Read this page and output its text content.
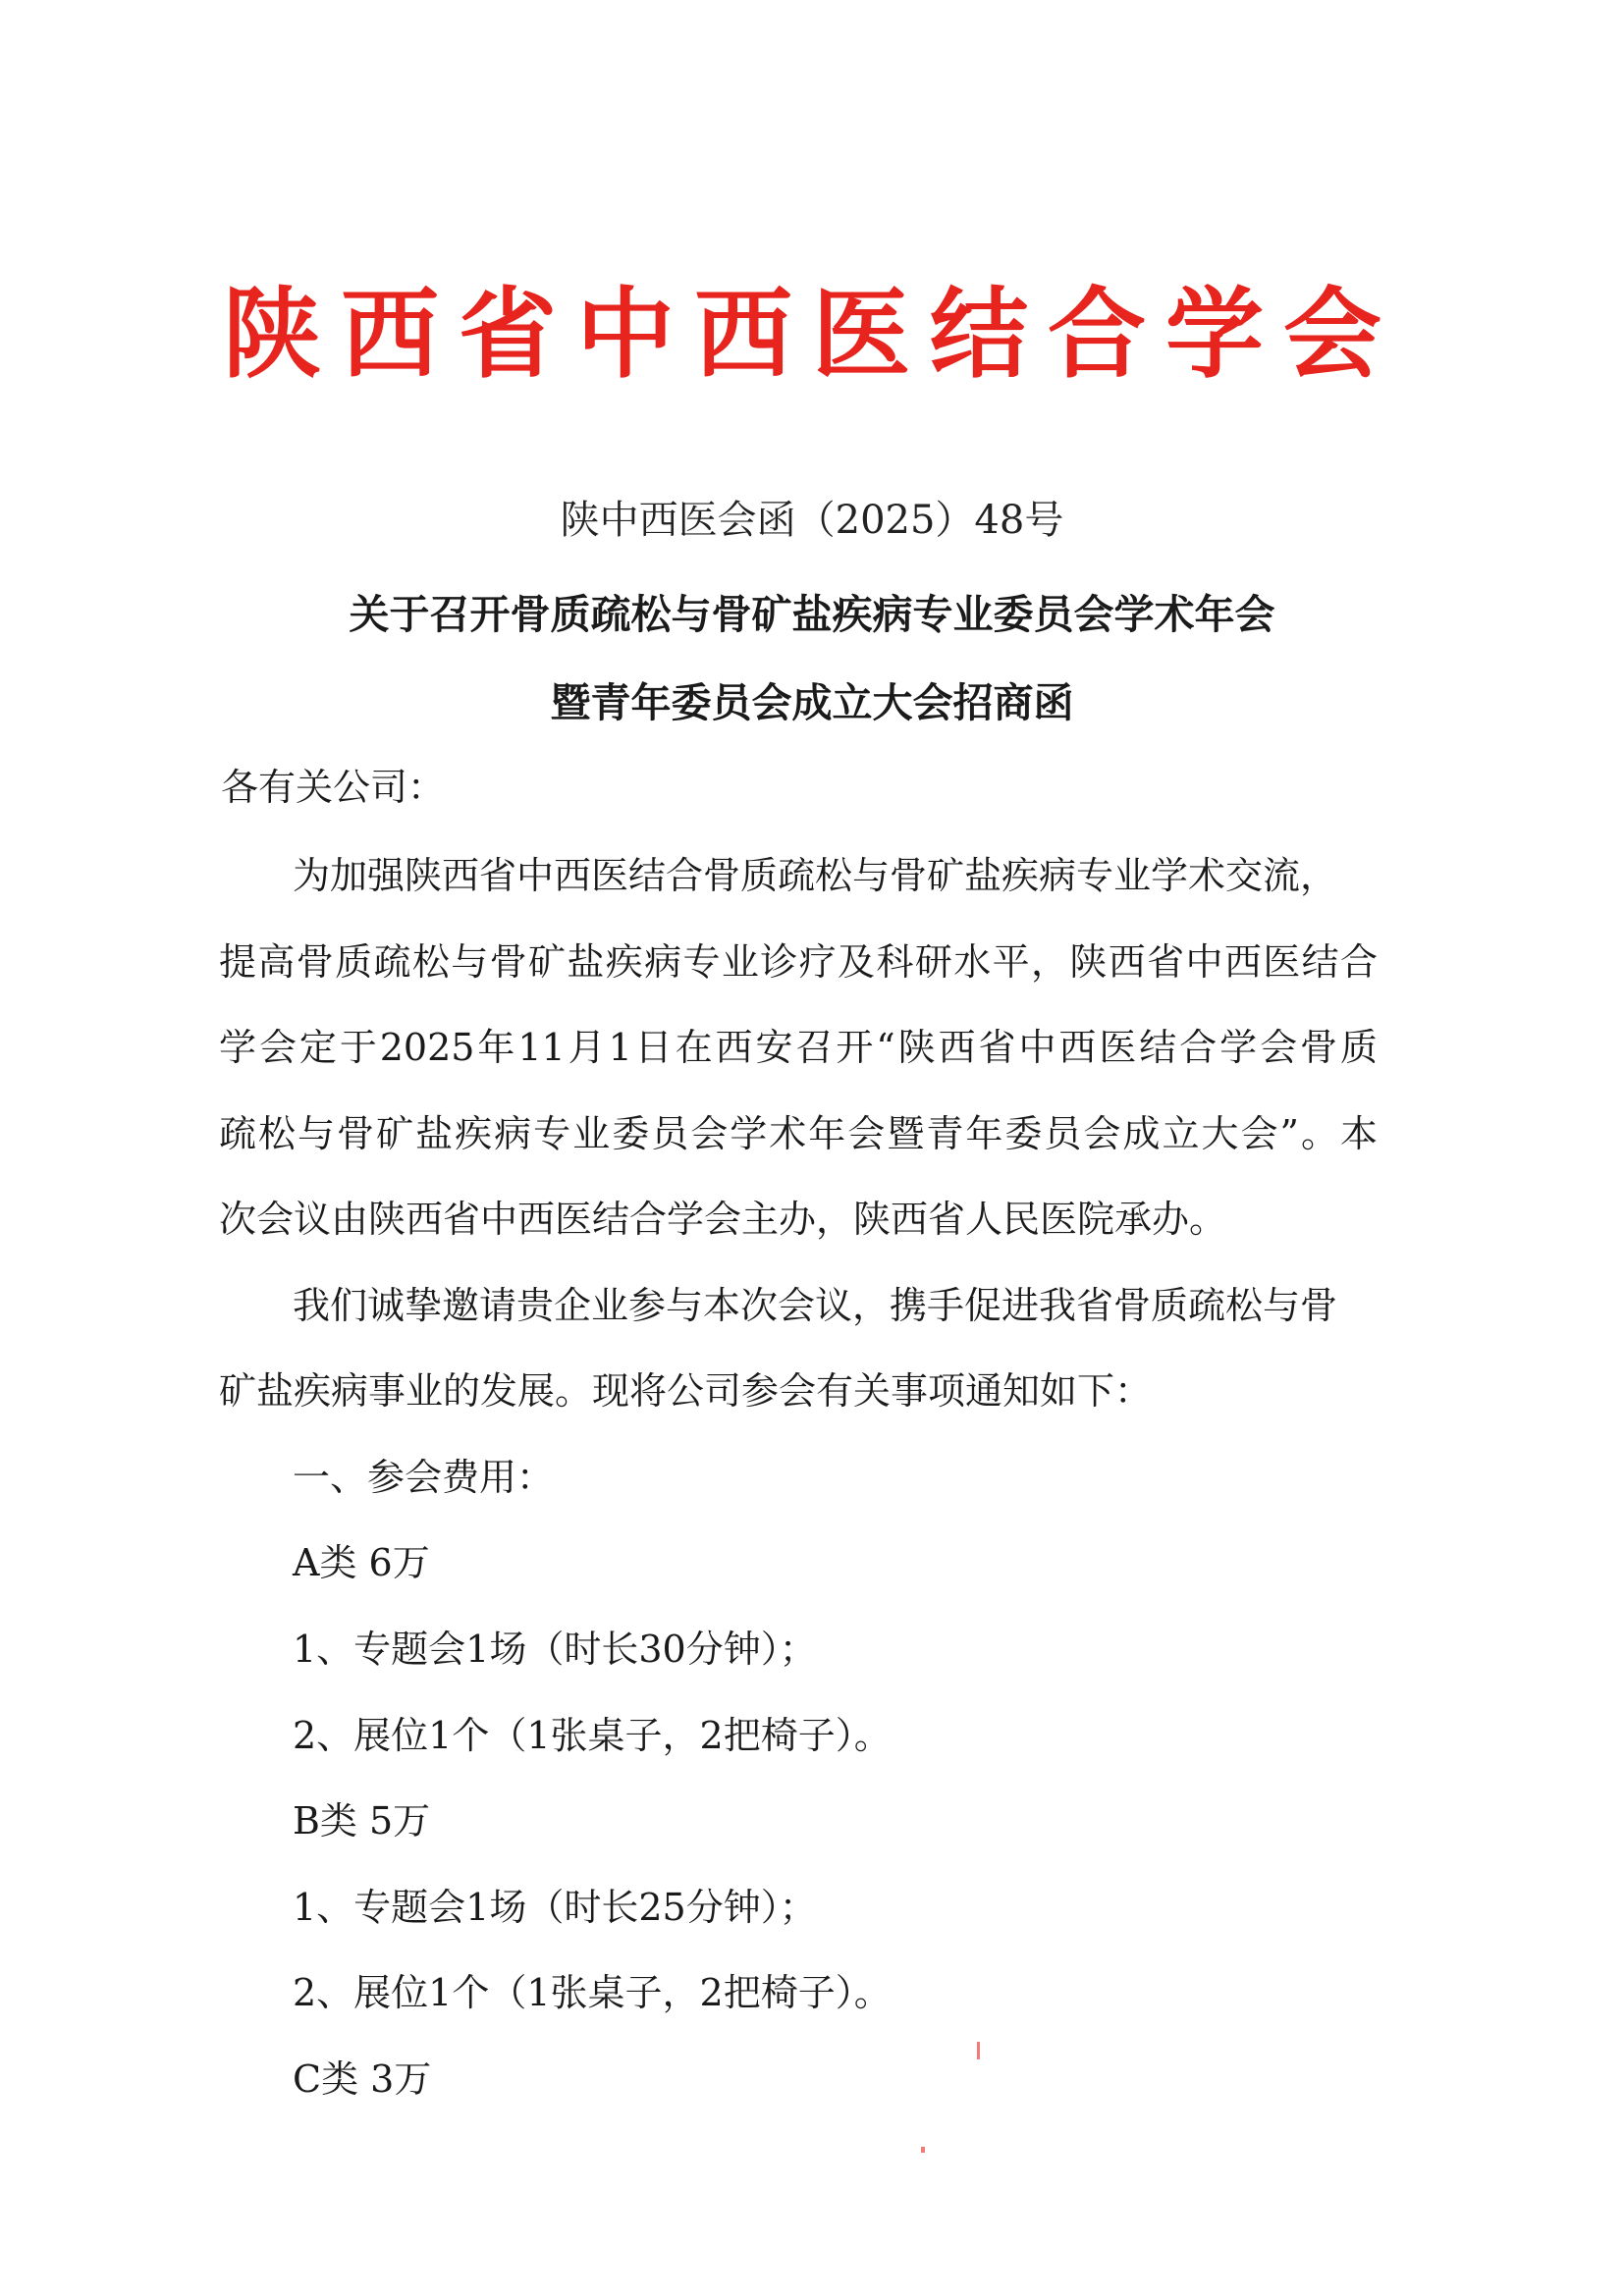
陕西省中西医结合学会
陕中西医会函（2025）48号
关于召开骨质疏松与骨矿盐疾病专业委员会学术年会
暨青年委员会成立大会招商函
各有关公司：
为加强陕西省中西医结合骨质疏松与骨矿盐疾病专业学术交流，
提高骨质疏松与骨矿盐疾病专业诊疗及科研水平，陕西省中西医结合
学会定于2025年11月1日在西安召开“陕西省中西医结合学会骨质
疏松与骨矿盐疾病专业委员会学术年会暨青年委员会成立大会”。本
次会议由陕西省中西医结合学会主办，陕西省人民医院承办。
我们诚挚邀请贵企业参与本次会议，携手促进我省骨质疏松与骨
矿盐疾病事业的发展。现将公司参会有关事项通知如下：
一、参会费用：
A类 6万
1、专题会1场（时长30分钟）；
2、展位1个（1张桌子，2把椅子）。
B类 5万
1、专题会1场（时长25分钟）；
2、展位1个（1张桌子，2把椅子）。
C类 3万
